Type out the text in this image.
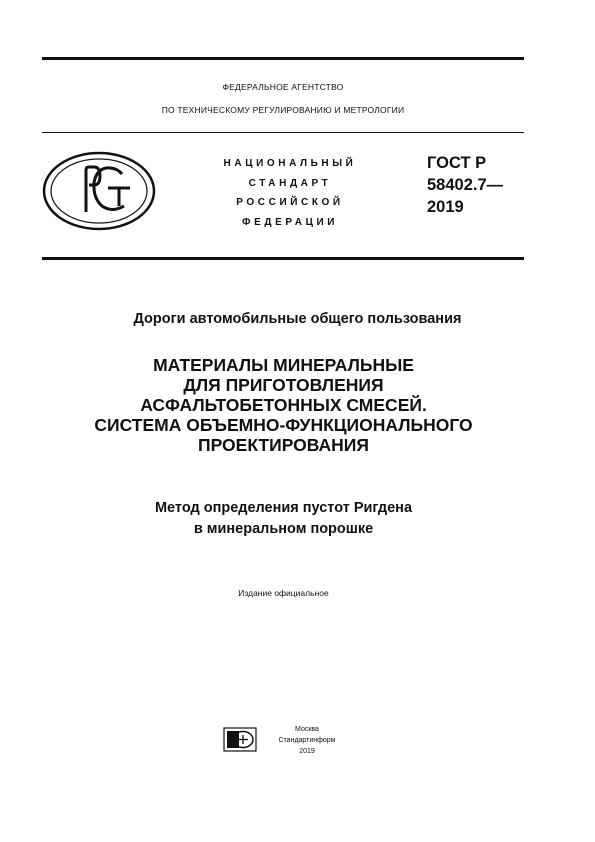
ФЕДЕРАЛЬНОЕ АГЕНТСТВО
ПО ТЕХНИЧЕСКОМУ РЕГУЛИРОВАНИЮ И МЕТРОЛОГИИ
НАЦИОНАЛЬНЫЙ
СТАНДАРТ
РОССИЙСКОЙ
ФЕДЕРАЦИИ
ГОСТ Р
58402.7—
2019
Дороги автомобильные общего пользования
МАТЕРИАЛЫ МИНЕРАЛЬНЫЕ
ДЛЯ ПРИГОТОВЛЕНИЯ
АСФАЛЬТОБЕТОННЫХ СМЕСЕЙ.
СИСТЕМА ОБЪЕМНО-ФУНКЦИОНАЛЬНОГО
ПРОЕКТИРОВАНИЯ
Метод определения пустот Ригдена
в минеральном порошке
Издание официальное
Москва
Стандартинформ
2019
